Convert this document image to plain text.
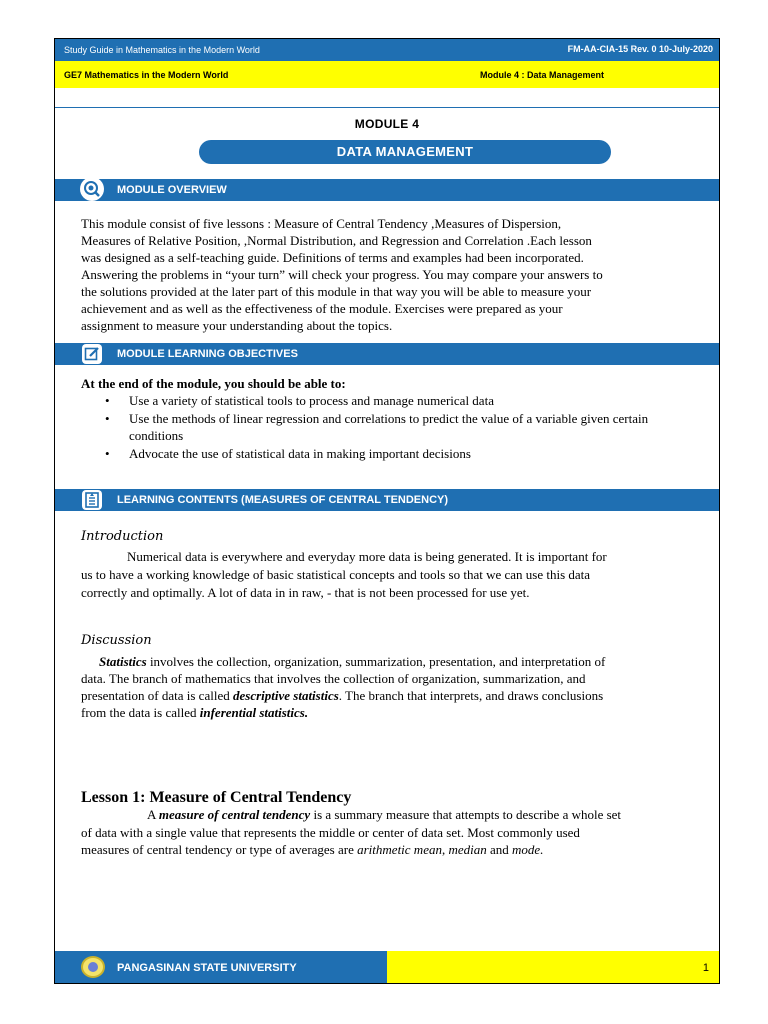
Study Guide in Mathematics in the Modern World	FM-AA-CIA-15 Rev. 0 10-July-2020
GE7 Mathematics in the Modern World	Module 4 : Data Management
MODULE 4
DATA MANAGEMENT
MODULE OVERVIEW
This module consist of five lessons : Measure of Central Tendency ,Measures of Dispersion,
Measures of Relative Position, ,Normal Distribution, and Regression and Correlation .Each lesson
was designed as a self-teaching guide. Definitions of terms and examples had been incorporated.
Answering the problems in “your turn” will check your progress. You may compare your answers to
the solutions provided at the later part of this module in that way you will be able to measure your
achievement and as well as the effectiveness of the module. Exercises were prepared as your
assignment to measure your understanding about the topics.
MODULE LEARNING OBJECTIVES
At the end of the module, you should be able to:
• Use a variety of statistical tools to process and manage numerical data
• Use the methods of linear regression and correlations to predict the value of a variable given certain conditions
• Advocate the use of statistical data in making important decisions
LEARNING CONTENTS (MEASURES OF CENTRAL TENDENCY)
Introduction
Numerical data is everywhere and everyday more data is being generated. It is important for
us to have a working knowledge of basic statistical concepts and tools so that we can use this data
correctly and optimally. A lot of data in in raw, - that is not been processed for use yet.
Discussion
Statistics involves the collection, organization, summarization, presentation, and interpretation of
data. The branch of mathematics that involves the collection of organization, summarization, and
presentation of data is called descriptive statistics. The branch that interprets, and draws conclusions
from the data is called inferential statistics.
Lesson 1: Measure of Central Tendency
A measure of central tendency is a summary measure that attempts to describe a whole set
of data with a single value that represents the middle or center of data set. Most commonly used
measures of central tendency or type of averages are arithmetic mean, median and mode.
PANGASINAN STATE UNIVERSITY	1
